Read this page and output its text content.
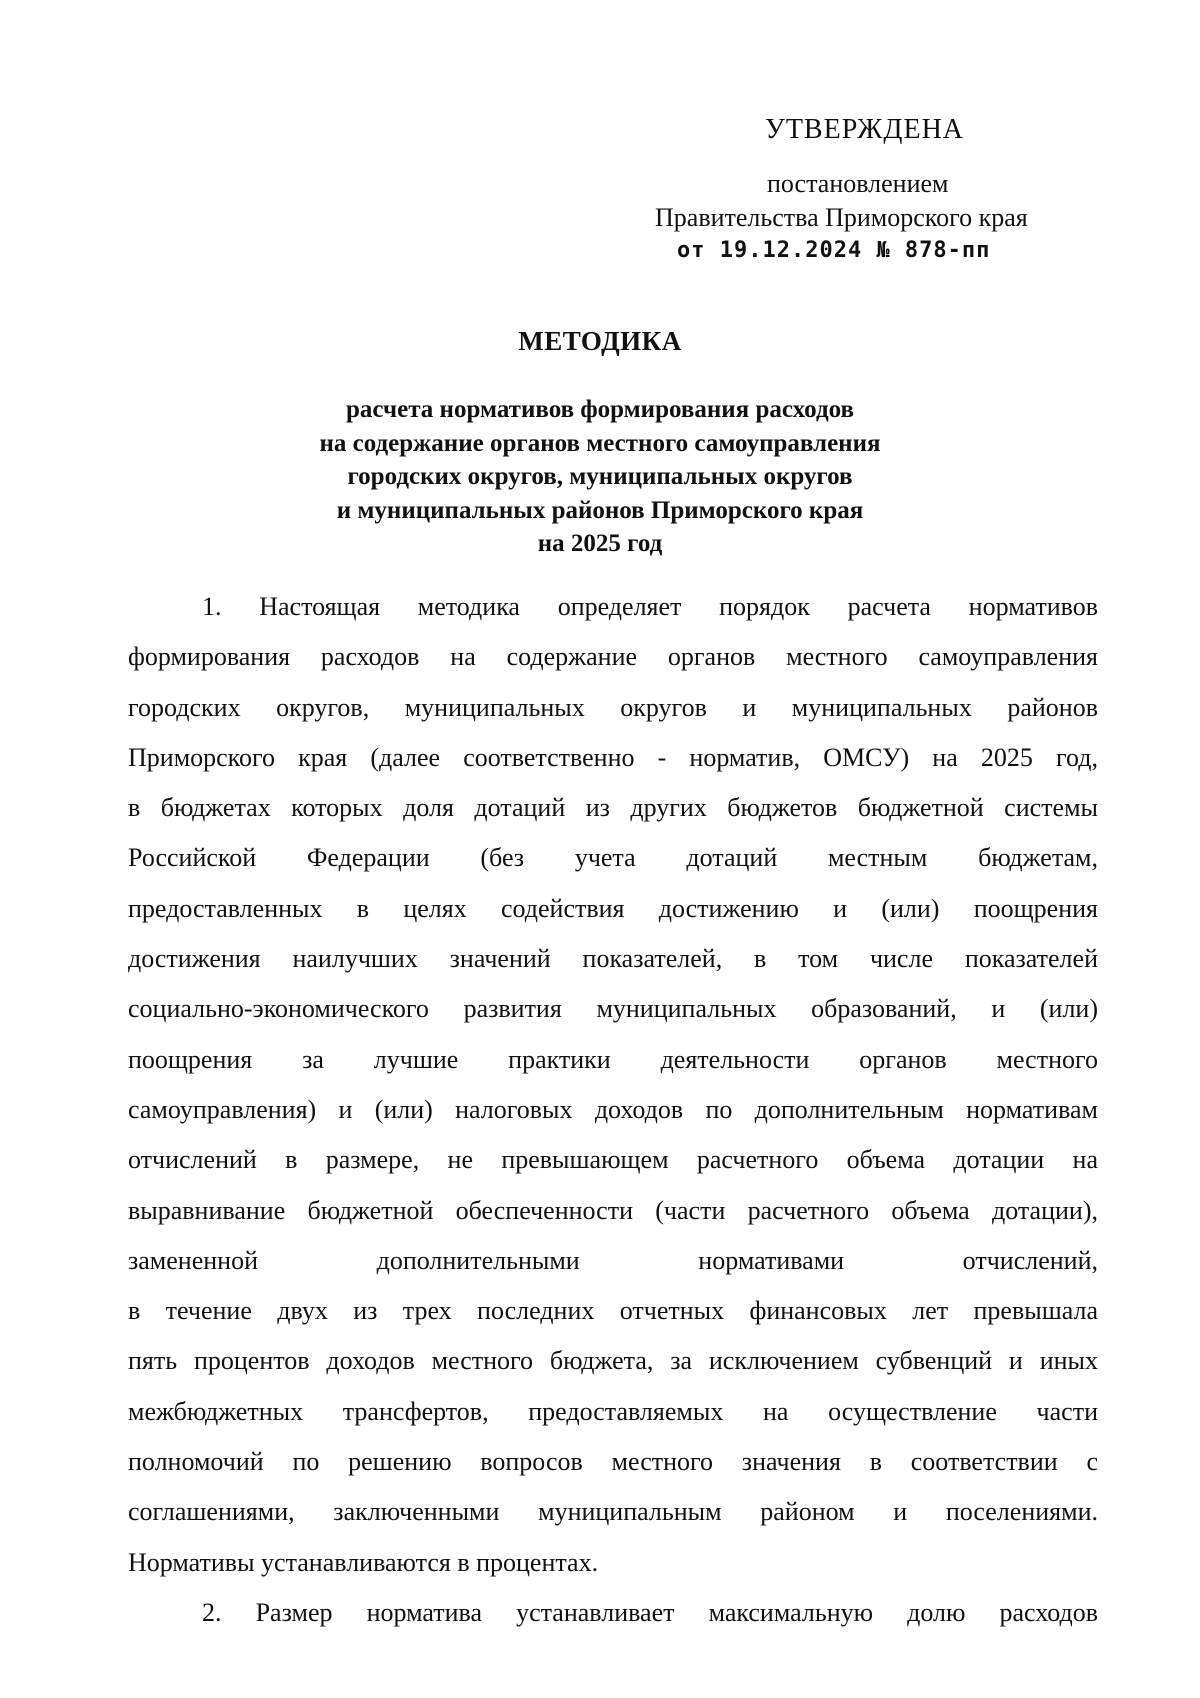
УТВЕРЖДЕНА
постановлением
Правительства Приморского края
от 19.12.2024 № 878-пп
МЕТОДИКА
расчета нормативов формирования расходов
на содержание органов местного самоуправления
городских округов, муниципальных округов
и муниципальных районов Приморского края
на 2025 год
1. Настоящая методика определяет порядок расчета нормативов
формирования расходов на содержание органов местного самоуправления
городских округов, муниципальных округов и муниципальных районов
Приморского края (далее соответственно - норматив, ОМСУ) на 2025 год,
в бюджетах которых доля дотаций из других бюджетов бюджетной системы
Российской Федерации (без учета дотаций местным бюджетам,
предоставленных в целях содействия достижению и (или) поощрения
достижения наилучших значений показателей, в том числе показателей
социально-экономического развития муниципальных образований, и (или)
поощрения за лучшие практики деятельности органов местного
самоуправления) и (или) налоговых доходов по дополнительным нормативам
отчислений в размере, не превышающем расчетного объема дотации на
выравнивание бюджетной обеспеченности (части расчетного объема дотации),
замененной дополнительными нормативами отчислений,
в течение двух из трех последних отчетных финансовых лет превышала
пять процентов доходов местного бюджета, за исключением субвенций и иных
межбюджетных трансфертов, предоставляемых на осуществление части
полномочий по решению вопросов местного значения в соответствии с
соглашениями, заключенными муниципальным районом и поселениями.
Нормативы устанавливаются в процентах.
2. Размер норматива устанавливает максимальную долю расходов
